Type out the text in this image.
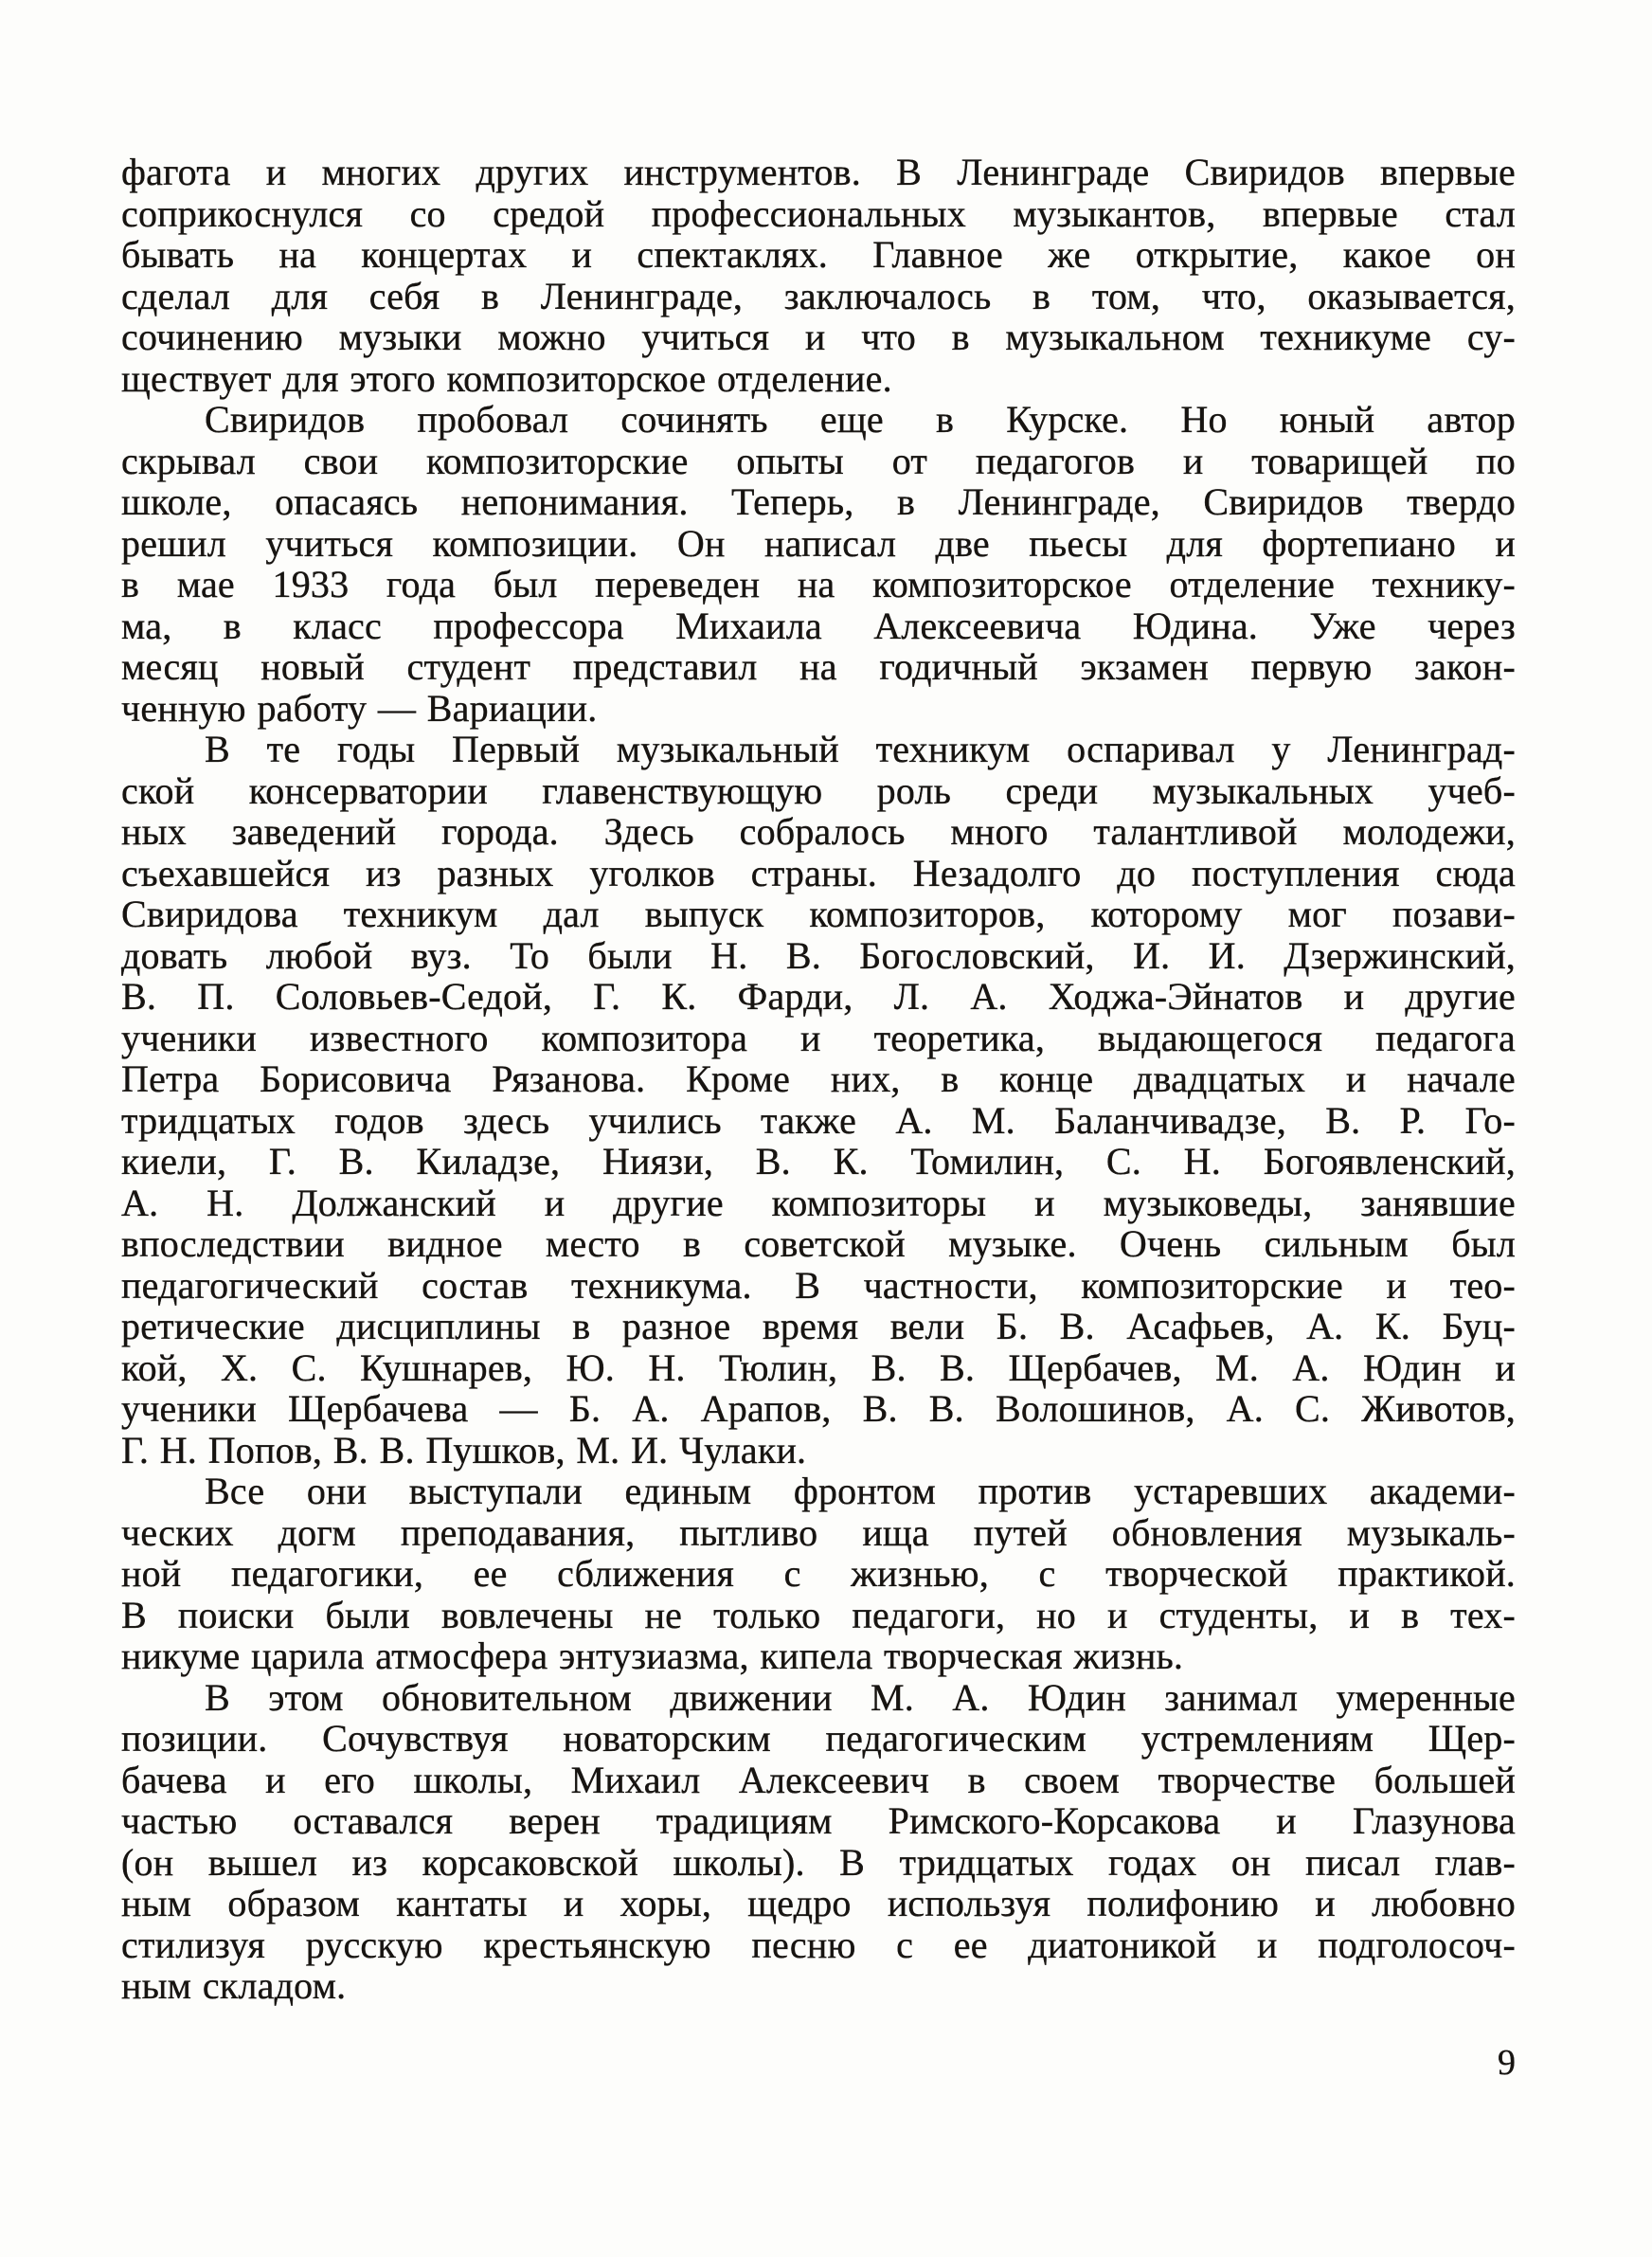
фагота и многих других инструментов. В Ленинграде Свиридов впервые
соприкоснулся со средой профессиональных музыкантов, впервые стал
бывать на концертах и спектаклях. Главное же открытие, какое он
сделал для себя в Ленинграде, заключалось в том, что, оказывается,
сочинению музыки можно учиться и что в музыкальном техникуме су-
ществует для этого композиторское отделение.
Свиридов пробовал сочинять еще в Курске. Но юный автор
скрывал свои композиторские опыты от педагогов и товарищей по
школе, опасаясь непонимания. Теперь, в Ленинграде, Свиридов твердо
решил учиться композиции. Он написал две пьесы для фортепиано и
в мае 1933 года был переведен на композиторское отделение технику-
ма, в класс профессора Михаила Алексеевича Юдина. Уже через
месяц новый студент представил на годичный экзамен первую закон-
ченную работу — Вариации.
В те годы Первый музыкальный техникум оспаривал у Ленинград-
ской консерватории главенствующую роль среди музыкальных учеб-
ных заведений города. Здесь собралось много талантливой молодежи,
съехавшейся из разных уголков страны. Незадолго до поступления сюда
Свиридова техникум дал выпуск композиторов, которому мог позави-
довать любой вуз. То были Н. В. Богословский, И. И. Дзержинский,
В. П. Соловьев-Седой, Г. К. Фарди, Л. А. Ходжа-Эйнатов и другие
ученики известного композитора и теоретика, выдающегося педагога
Петра Борисовича Рязанова. Кроме них, в конце двадцатых и начале
тридцатых годов здесь учились также А. М. Баланчивадзе, В. Р. Го-
киели, Г. В. Киладзе, Ниязи, В. К. Томилин, С. Н. Богоявленский,
А. Н. Должанский и другие композиторы и музыковеды, занявшие
впоследствии видное место в советской музыке. Очень сильным был
педагогический состав техникума. В частности, композиторские и тео-
ретические дисциплины в разное время вели Б. В. Асафьев, А. К. Буц-
кой, Х. С. Кушнарев, Ю. Н. Тюлин, В. В. Щербачев, М. А. Юдин и
ученики Щербачева — Б. А. Арапов, В. В. Волошинов, А. С. Животов,
Г. Н. Попов, В. В. Пушков, М. И. Чулаки.
Все они выступали единым фронтом против устаревших академи-
ческих догм преподавания, пытливо ища путей обновления музыкаль-
ной педагогики, ее сближения с жизнью, с творческой практикой.
В поиски были вовлечены не только педагоги, но и студенты, и в тех-
никуме царила атмосфера энтузиазма, кипела творческая жизнь.
В этом обновительном движении М. А. Юдин занимал умеренные
позиции. Сочувствуя новаторским педагогическим устремлениям Щер-
бачева и его школы, Михаил Алексеевич в своем творчестве большей
частью оставался верен традициям Римского-Корсакова и Глазунова
(он вышел из корсаковской школы). В тридцатых годах он писал глав-
ным образом кантаты и хоры, щедро используя полифонию и любовно
стилизуя русскую крестьянскую песню с ее диатоникой и подголосоч-
ным складом.
9
